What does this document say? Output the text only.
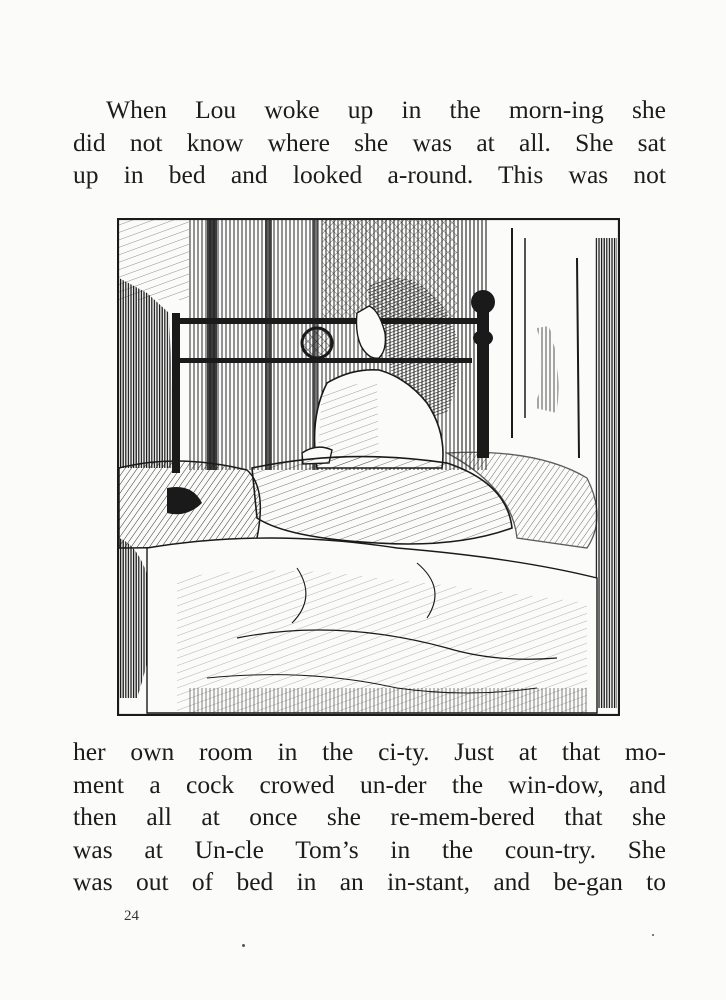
When Lou woke up in the morn-ing she
did not know where she was at all. She sat
up in bed and looked a-round. This was not
her own room in the ci-ty. Just at that mo-
ment a cock crowed un-der the win-dow, and
then all at once she re-mem-bered that she
was at Un-cle Tom’s in the coun-try. She
was out of bed in an in-stant, and be-gan to
24
